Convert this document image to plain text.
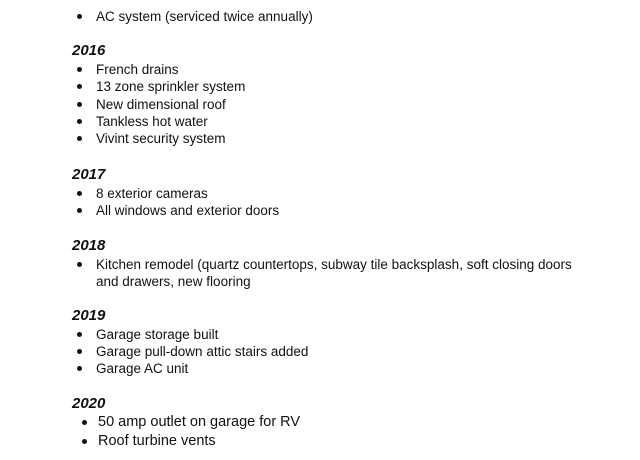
AC system (serviced twice annually)
2016
French drains
13 zone sprinkler system
New dimensional roof
Tankless hot water
Vivint security system
2017
8 exterior cameras
All windows and exterior doors
2018
Kitchen remodel (quartz countertops, subway tile backsplash, soft closing doors and drawers, new flooring
2019
Garage storage built
Garage pull-down attic stairs added
Garage AC unit
2020
50 amp outlet on garage for RV
Roof turbine vents
